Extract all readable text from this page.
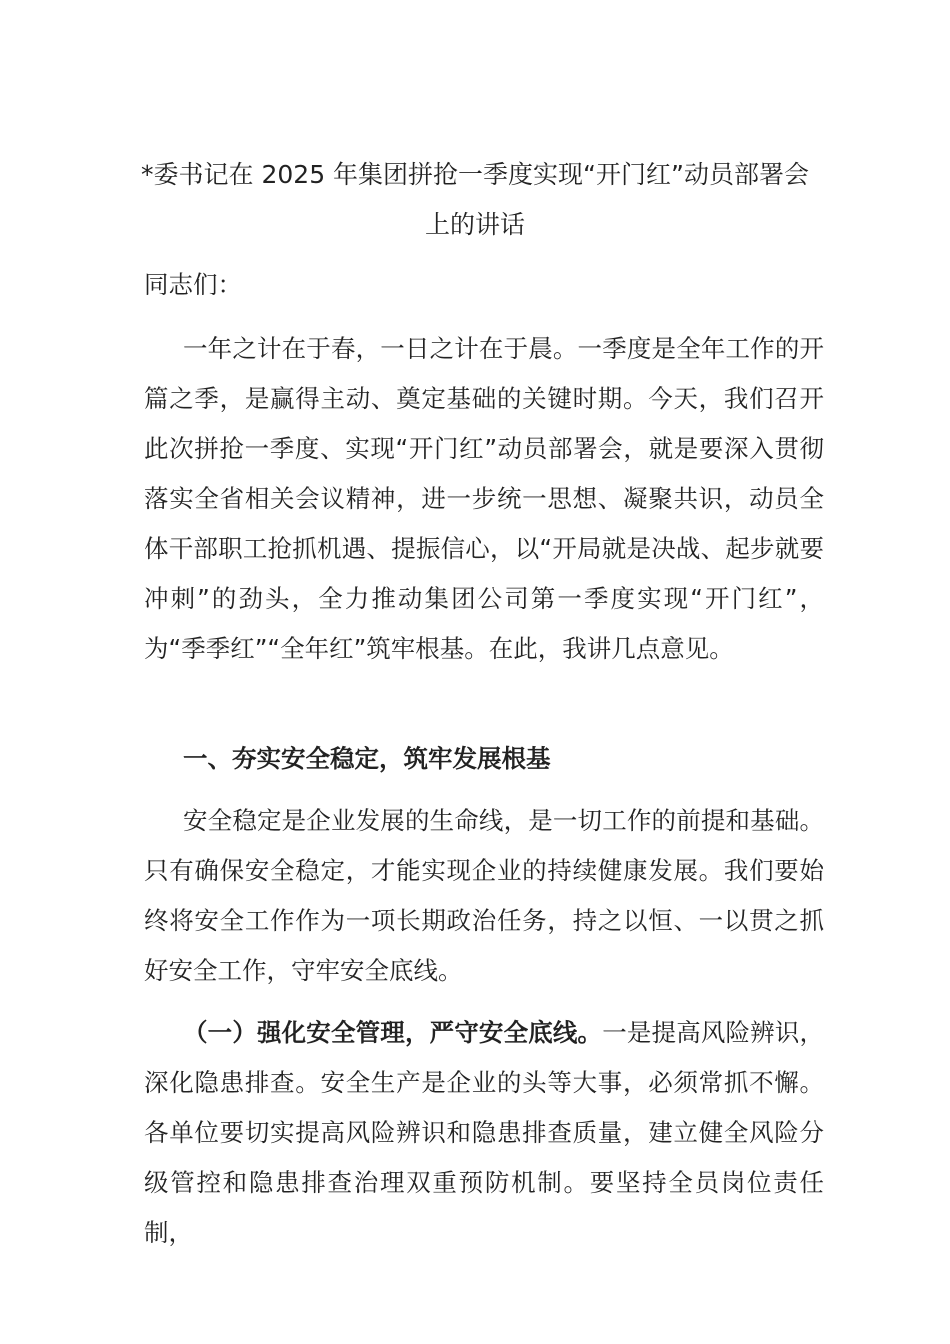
*委书记在 2025 年集团拼抢一季度实现“开门红”动员部署会
上的讲话
同志们：
一年之计在于春，一日之计在于晨。一季度是全年工作的开篇之季，是赢得主动、奠定基础的关键时期。今天，我们召开此次拼抢一季度、实现“开门红”动员部署会，就是要深入贯彻落实全省相关会议精神，进一步统一思想、凝聚共识，动员全体干部职工抢抓机遇、提振信心，以“开局就是决战、起步就要冲刺”的劲头，全力推动集团公司第一季度实现“开门红”，为“季季红”“全年红”筑牢根基。在此，我讲几点意见。
一、夯实安全稳定，筑牢发展根基
安全稳定是企业发展的生命线，是一切工作的前提和基础。只有确保安全稳定，才能实现企业的持续健康发展。我们要始终将安全工作作为一项长期政治任务，持之以恒、一以贯之抓好安全工作，守牢安全底线。
（一）强化安全管理，严守安全底线。一是提高风险辨识，深化隐患排查。安全生产是企业的头等大事，必须常抓不懈。各单位要切实提高风险辨识和隐患排查质量，建立健全风险分级管控和隐患排查治理双重预防机制。要坚持全员岗位责任制，
